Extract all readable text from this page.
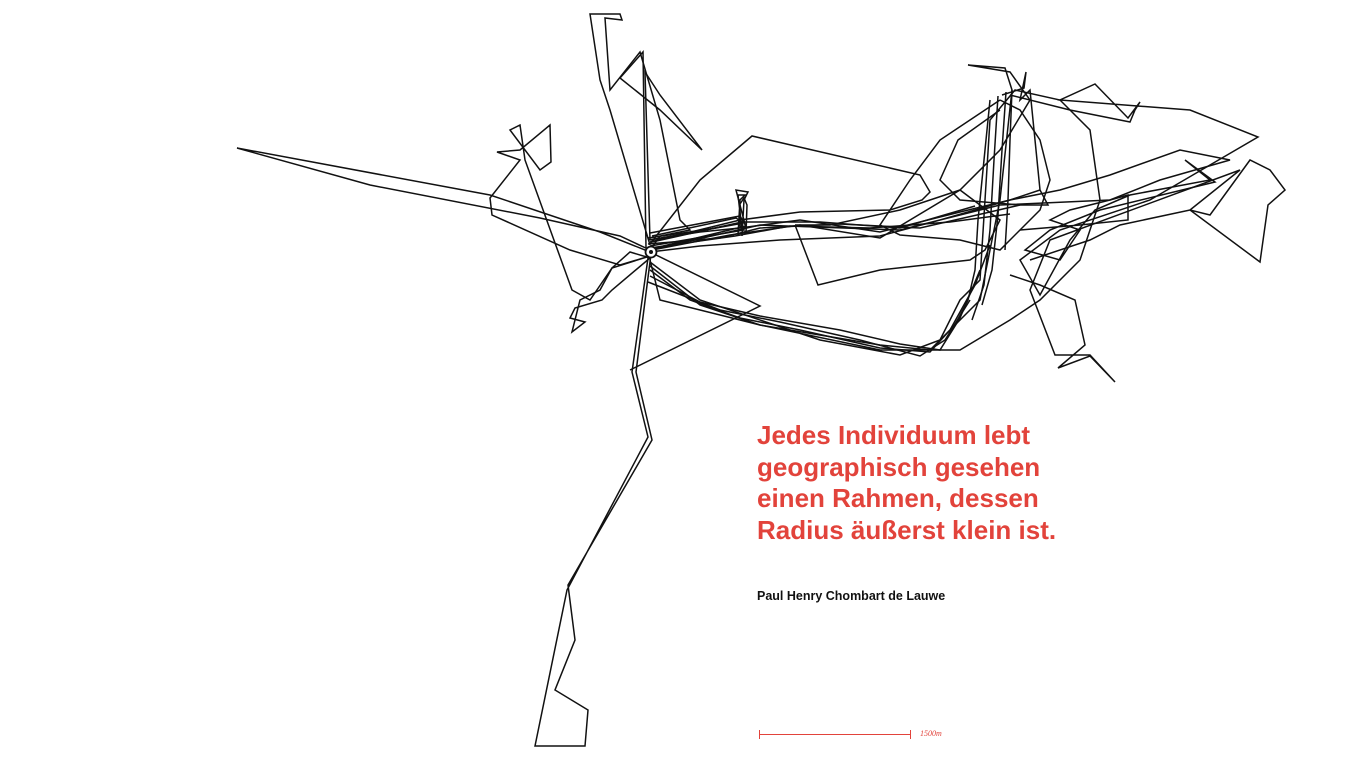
Jedes Individuum lebt
geographisch gesehen
einen Rahmen, dessen
Radius äußerst klein ist.
Paul Henry Chombart de Lauwe
1500m
